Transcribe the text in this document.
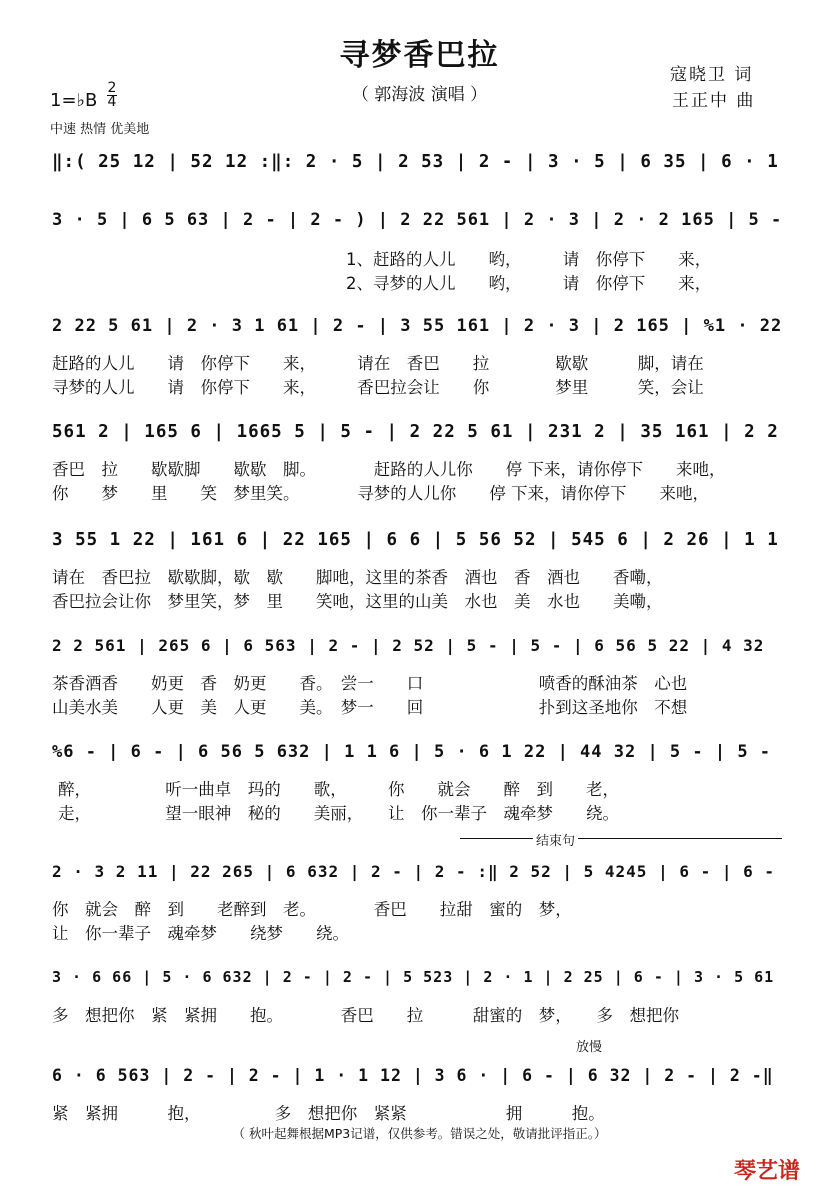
寻梦香巴拉
（ 郭海波 演唱 ）
寇晓卫 词
王正中 曲
1=♭B
2
4
中速 热情 优美地
‖:( 25 12 | 52 12 :‖: 2 · 5 | 2 53 | 2 - | 3 · 5 | 6 35 | 6 · 1
3 · 5 | 6 5 63 | 2 - | 2 - ) | 2 22 561 | 2 · 3 | 2 · 2 165 | 5 -
1、赶路的人儿　　哟，　　　请　你停下　　来，
2、寻梦的人儿　　哟，　　　请　你停下　　来，
2 22 5 61 | 2 · 3 1 61 | 2 - | 3 55 161 | 2 · 3 | 2 165 | %1 · 22
赶路的人儿　　请　你停下　　来，　　　请在　香巴　　拉　　　　歇歇　　　脚，请在
寻梦的人儿　　请　你停下　　来，　　　香巴拉会让　　你　　　　梦里　　　笑，会让
561 2 | 165 6 | 1665 5 | 5 - | 2 22 5 61 | 231 2 | 35 161 | 2 2
香巴　拉　　歇歇脚　　歇歇　脚。　　　　赶路的人儿你　　停 下来，请你停下　　来吔，
你　　梦　　里　　笑　梦里笑。　　　　寻梦的人儿你　　停 下来，请你停下　　来吔，
3 55 1 22 | 161 6 | 22 165 | 6 6 | 5 56 52 | 545 6 | 2 26 | 1 1
请在　香巴拉　歇歇脚，歇　歇　　脚吔，这里的茶香　酒也　香　酒也　　香嘞，
香巴拉会让你　梦里笑，梦　里　　笑吔，这里的山美　水也　美　水也　　美嘞，
2 2 561 | 265 6 | 6 563 | 2 - | 2 52 | 5 - | 5 - | 6 56 5 22 | 4 32
茶香酒香　　奶更　香　奶更　　香。　尝一　　口　　　　　　　喷香的酥油茶　心也
山美水美　　人更　美　人更　　美。　梦一　　回　　　　　　　扑到这圣地你　不想
%6 - | 6 - | 6 56 5 632 | 1 1 6 | 5 · 6 1 22 | 44 32 | 5 - | 5 -
醉，　　　　　听一曲卓　玛的　　歌，　　　你　　就会　　醉　到　　老，
走，　　　　　望一眼神　秘的　　美丽，　　让　你一辈子　魂牵梦　　绕。
结束句
2 · 3 2 11 | 22 265 | 6 632 | 2 - | 2 - :‖ 2 52 | 5 4245 | 6 - | 6 -
你　就会　醉　到　　老醉到　老。　　　　香巴　　拉甜　蜜的　梦，
让　你一辈子　魂牵梦　　绕梦　　绕。
3 · 6 66 | 5 · 6 632 | 2 - | 2 - | 5 523 | 2 · 1 | 2 25 | 6 - | 3 · 5 61
多　想把你　紧　紧拥　　抱。　　　　香巴　　拉　　　甜蜜的　梦，　　多　想把你
放慢
6 · 6 563 | 2 - | 2 - | 1 · 1 12 | 3 6 · | 6 - | 6 32 | 2 - | 2 -‖
紧　紧拥　　　抱，　　　　　多　想把你　紧紧　　　　　　拥　　　抱。
（ 秋叶起舞根据MP3记谱，仅供参考。错误之处，敬请批评指正。）
琴艺谱
